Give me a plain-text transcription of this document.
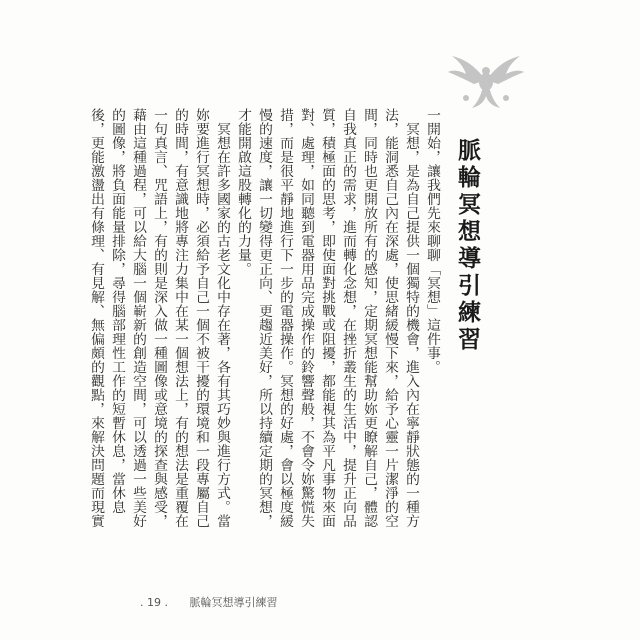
脈輪冥想導引練習

一開始，讓我們先來聊聊「冥想」這件事。

冥想，是為自己提供一個獨特的機會，進入內在寧靜狀態的一種方法，能洞悉自己內在深處，使思緒緩慢下來，給予心靈一片潔淨的空間，同時也更開放所有的感知，定期冥想能幫助妳更瞭解自己，體認自我真正的需求，進而轉化念想，在挫折叢生的生活中，提升正向品質，積極面的思考，即使面對挑戰或阻擾，都能視其為平凡事物來面對、處理，如同聽到電器用品完成操作的鈴響聲般，不會令妳驚慌失措，而是很平靜地進行下一步的電器操作。冥想的好處，會以極度緩慢的速度，讓一切變得更正向、更趨近美好，所以持續定期的冥想，才能開啟這股轉化的力量。

冥想在許多國家的古老文化中存在著，各有其巧妙與進行方式。當妳要進行冥想時，必須給予自己一個不被干擾的環境和一段專屬自己的時間，有意識地將專注力集中在某一個想法上，有的想法是重覆在一句真言、咒語上，有的則是深入做一種圖像或意境的探查與感受，藉由這種過程，可以給大腦一個嶄新的創造空間，可以透過一些美好的圖像，將負面能量排除，尋得腦部理性工作的短暫休息，當休息後，更能激盪出有條理、有見解、無偏頗的觀點，來解決問題而現實

. 19 . 脈輪冥想導引練習
